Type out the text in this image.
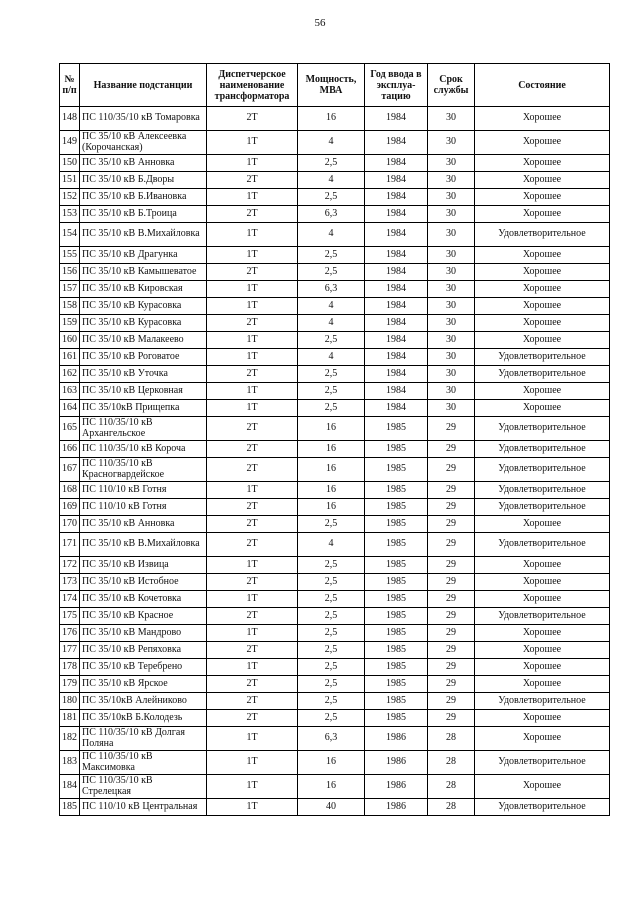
56
№ п/п	Название подстанции	Диспетчерское наименование трансформатора	Мощность, МВА	Год ввода в эксплуа-тацию	Срок службы	Состояние
148	ПС 110/35/10 кВ Томаровка	2Т	16	1984	30	Хорошее
149	ПС 35/10 кВ Алексеевка (Корочанская)	1Т	4	1984	30	Хорошее
150	ПС 35/10 кВ Анновка	1Т	2,5	1984	30	Хорошее
151	ПС 35/10 кВ Б.Дворы	2Т	4	1984	30	Хорошее
152	ПС 35/10 кВ Б.Ивановка	1Т	2,5	1984	30	Хорошее
153	ПС 35/10 кВ Б.Троица	2Т	6,3	1984	30	Хорошее
154	ПС 35/10 кВ В.Михайловка	1Т	4	1984	30	Удовлетворительное
155	ПС 35/10 кВ Драгунка	1Т	2,5	1984	30	Хорошее
156	ПС 35/10 кВ Камышеватое	2Т	2,5	1984	30	Хорошее
157	ПС 35/10 кВ Кировская	1Т	6,3	1984	30	Хорошее
158	ПС 35/10 кВ Курасовка	1Т	4	1984	30	Хорошее
159	ПС 35/10 кВ Курасовка	2Т	4	1984	30	Хорошее
160	ПС 35/10 кВ Малакеево	1Т	2,5	1984	30	Хорошее
161	ПС 35/10 кВ Роговатое	1Т	4	1984	30	Удовлетворительное
162	ПС 35/10 кВ Уточка	2Т	2,5	1984	30	Удовлетворительное
163	ПС 35/10 кВ Церковная	1Т	2,5	1984	30	Хорошее
164	ПС 35/10кВ Прищепка	1Т	2,5	1984	30	Хорошее
165	ПС 110/35/10 кВ Архангельское	2Т	16	1985	29	Удовлетворительное
166	ПС 110/35/10 кВ Короча	2Т	16	1985	29	Удовлетворительное
167	ПС 110/35/10 кВ Красногвардейское	2Т	16	1985	29	Удовлетворительное
168	ПС 110/10 кВ Готня	1Т	16	1985	29	Удовлетворительное
169	ПС 110/10 кВ Готня	2Т	16	1985	29	Удовлетворительное
170	ПС 35/10 кВ Анновка	2Т	2,5	1985	29	Хорошее
171	ПС 35/10 кВ В.Михайловка	2Т	4	1985	29	Удовлетворительное
172	ПС 35/10 кВ Извица	1Т	2,5	1985	29	Хорошее
173	ПС 35/10 кВ Истобное	2Т	2,5	1985	29	Хорошее
174	ПС 35/10 кВ Кочетовка	1Т	2,5	1985	29	Хорошее
175	ПС 35/10 кВ Красное	2Т	2,5	1985	29	Удовлетворительное
176	ПС 35/10 кВ Мандрово	1Т	2,5	1985	29	Хорошее
177	ПС 35/10 кВ Репяховка	2Т	2,5	1985	29	Хорошее
178	ПС 35/10 кВ Теребрено	1Т	2,5	1985	29	Хорошее
179	ПС 35/10 кВ Ярское	2Т	2,5	1985	29	Хорошее
180	ПС 35/10кВ Алейниково	2Т	2,5	1985	29	Удовлетворительное
181	ПС 35/10кВ Б.Колодезь	2Т	2,5	1985	29	Хорошее
182	ПС 110/35/10 кВ Долгая Поляна	1Т	6,3	1986	28	Хорошее
183	ПС 110/35/10 кВ Максимовка	1Т	16	1986	28	Удовлетворительное
184	ПС 110/35/10 кВ Стрелецкая	1Т	16	1986	28	Хорошее
185	ПС 110/10 кВ Центральная	1Т	40	1986	28	Удовлетворительное
